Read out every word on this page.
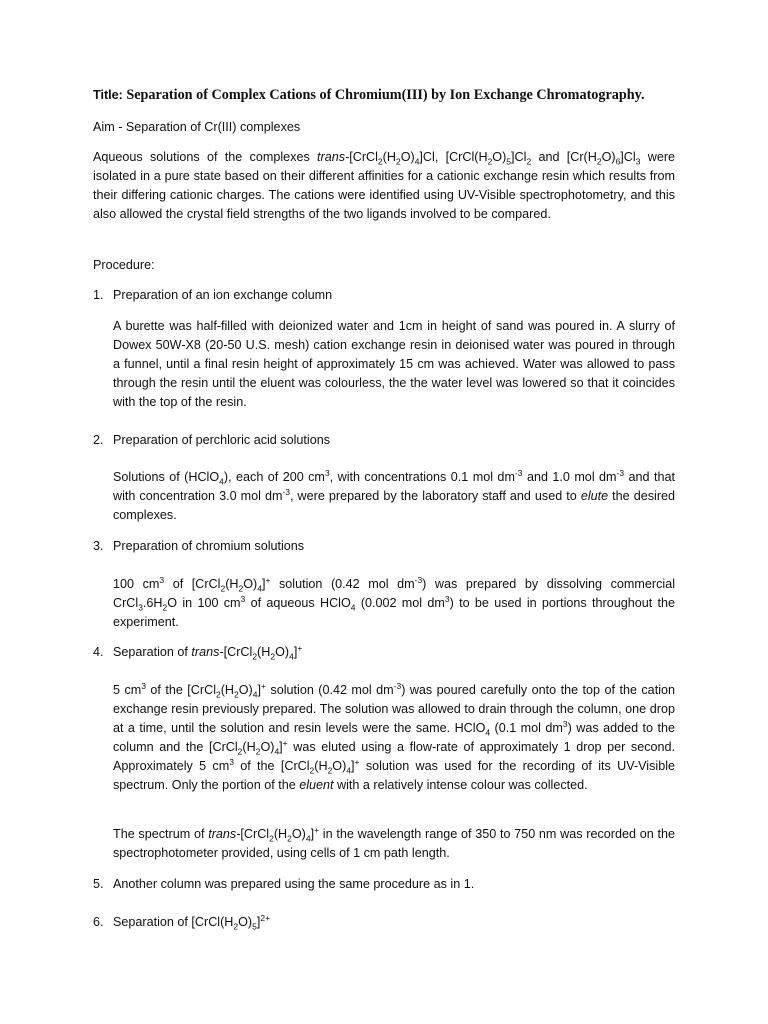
Title: Separation of Complex Cations of Chromium(III) by Ion Exchange Chromatography.
Aim - Separation of Cr(III) complexes

Aqueous solutions of the complexes trans-$[CrCl_2(H_2O)_4]Cl$, $[CrCl(H_2O)_5]Cl_2$ and $[Cr(H_2O)_6]Cl_3$ were isolated in a pure state based on their different affinities for a cationic exchange resin which results from their differing cationic charges. The cations were identified using UV-Visible spectrophotometry, and this also allowed the crystal field strengths of the two ligands involved to be compared.

Procedure:
1. Preparation of an ion exchange column

A burette was half-filled with deionized water and 1cm in height of sand was poured in. A slurry of Dowex 50W-X8 (20-50 U.S. mesh) cation exchange resin in deionised water was poured in through a funnel, until a final resin height of approximately 15 cm was achieved. Water was allowed to pass through the resin until the eluent was colourless, the the water level was lowered so that it coincides with the top of the resin.

2. Preparation of perchloric acid solutions

Solutions of (HClO$_4$), each of 200 $cm^3$, with concentrations 0.1 mol $dm^{-3}$ and 1.0 mol $dm^{-3}$ and that with concentration 3.0 mol $dm^{-3}$, were prepared by the laboratory staff and used to elute the desired complexes.

3. Preparation of chromium solutions

100 $cm^3$ of $[CrCl_2(H_2O)_4]^+$ solution (0.42 mol $dm^{-3}$) was prepared by dissolving commercial $CrCl_3.6H_2O$ in 100 $cm^3$ of aqueous HClO$_4$ (0.002 mol $dm^3$) to be used in portions throughout the experiment.

4. Separation of trans-$[CrCl_2(H_2O)_4]^+$

5 $cm^3$ of the $[CrCl_2(H_2O)_4]^+$ solution (0.42 mol $dm^{-3}$) was poured carefully onto the top of the cation exchange resin previously prepared. The solution was allowed to drain through the column, one drop at a time, until the solution and resin levels were the same. HClO$_4$ (0.1 mol $dm^3$) was added to the column and the $[CrCl_2(H_2O)_4]^+$ was eluted using a flow-rate of approximately 1 drop per second. Approximately 5 $cm^3$ of the $[CrCl_2(H_2O)_4]^+$ solution was used for the recording of its UV-Visible spectrum. Only the portion of the eluent with a relatively intense colour was collected.

The spectrum of trans-$[CrCl_2(H_2O)_4]^+$ in the wavelength range of 350 to 750 nm was recorded on the spectrophotometer provided, using cells of 1 cm path length.

5. Another column was prepared using the same procedure as in 1.
6. Separation of $[CrCl(H_2O)_5]^{2+}$
